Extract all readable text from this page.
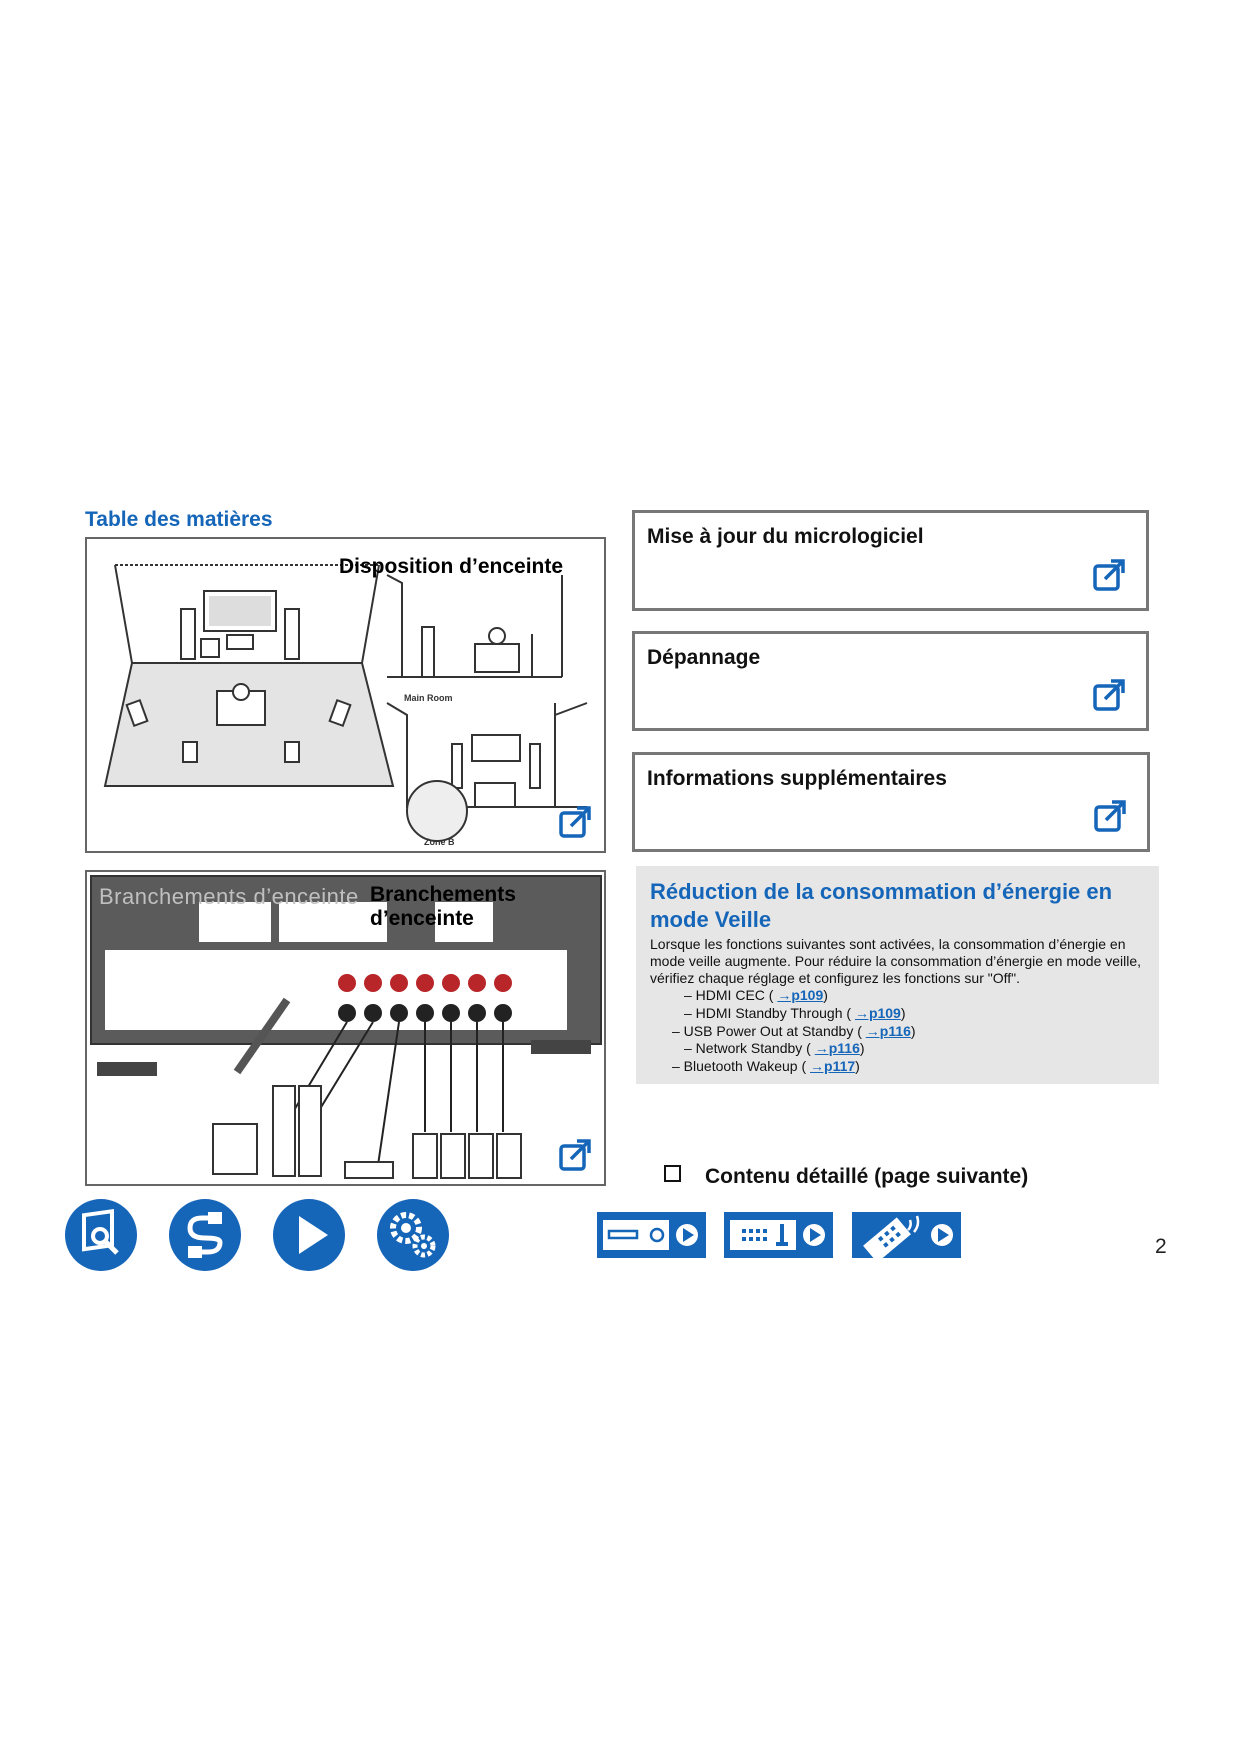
Table des matières
Main Room
Zone B
Disposition d’enceinte
Branchements d’enceinte Branchements d’enceinte
Mise à jour du micrologiciel
Dépannage
Informations supplémentaires
Réduction de la consommation d’énergie en mode Veille
Lorsque les fonctions suivantes sont activées, la consommation d’énergie en mode veille augmente. Pour réduire la consommation d’énergie en mode veille, vérifiez chaque réglage et configurez les fonctions sur "Off".
– HDMI CEC ( →p109)
– HDMI Standby Through ( →p109)
– USB Power Out at Standby ( →p116)
– Network Standby ( →p116)
– Bluetooth Wakeup ( →p117)
Contenu détaillé (page suivante)
2
